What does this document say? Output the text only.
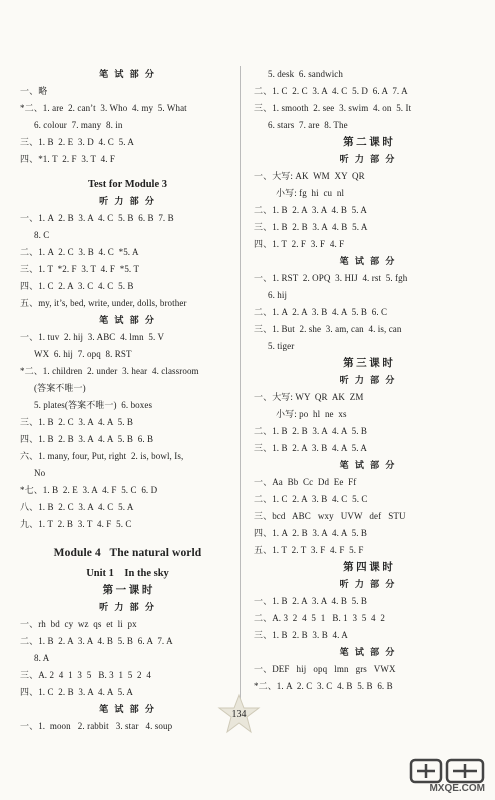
笔 试 部 分
一、略
*二、1. are  2. can’t  3. Who  4. my  5. What
6. colour  7. many  8. in
三、1. B  2. E  3. D  4. C  5. A
四、*1. T  2. F  3. T  4. F
Test for Module 3
听 力 部 分
一、1. A  2. B  3. A  4. C  5. B  6. B  7. B
8. C
二、1. A  2. C  3. B  4. C  *5. A
三、1. T  *2. F  3. T  4. F  *5. T
四、1. C  2. A  3. C  4. C  5. B
五、my, it’s, bed, write, under, dolls, brother
笔 试 部 分
一、1. tuv  2. hij  3. ABC  4. lmn  5. V
WX  6. hij  7. opq  8. RST
*二、1. children  2. under  3. hear  4. classroom
(答案不唯一)
5. plates(答案不唯一)  6. boxes
三、1. B  2. C  3. A  4. A  5. B
四、1. B  2. B  3. A  4. A  5. B  6. B
六、1. many, four, Put, right  2. is, bowl, Is,
No
*七、1. B  2. E  3. A  4. F  5. C  6. D
八、1. B  2. C  3. A  4. C  5. A
九、1. T  2. B  3. T  4. F  5. C
Module 4   The natural world
Unit 1    In the sky
第 一 课 时
听 力 部 分
一、rh  bd  cy  wz  qs  et  li  px
二、1. B  2. A  3. A  4. B  5. B  6. A  7. A
8. A
三、A. 2  4  1  3  5   B. 3  1  5  2  4
四、1. C  2. B  3. A  4. A  5. A
笔 试 部 分
一、1.  moon   2. rabbit   3. star   4. soup
5. desk  6. sandwich
二、1. C  2. C  3. A  4. C  5. D  6. A  7. A
三、1. smooth  2. see  3. swim  4. on  5. It
6. stars  7. are  8. The
第 二 课 时
听 力 部 分
一、大写: AK  WM  XY  QR
小写: fg  hi  cu  nl
二、1. B  2. A  3. A  4. B  5. A
三、1. B  2. B  3. A  4. B  5. A
四、1. T  2. F  3. F  4. F
笔 试 部 分
一、1. RST  2. OPQ  3. HIJ  4. rst  5. fgh
6. hij
二、1. A  2. A  3. B  4. A  5. B  6. C
三、1. But  2. she  3. am, can  4. is, can
5. tiger
第 三 课 时
听 力 部 分
一、大写: WY  QR  AK  ZM
小写: po  hl  ne  xs
二、1. B  2. B  3. A  4. A  5. B
三、1. B  2. A  3. B  4. A  5. A
笔 试 部 分
一、Aa  Bb  Cc  Dd  Ee  Ff
二、1. C  2. A  3. B  4. C  5. C
三、bcd   ABC   wxy   UVW   def   STU
四、1. A  2. B  3. A  4. A  5. B
五、1. T  2. T  3. F  4. F  5. F
第 四 课 时
听 力 部 分
一、1. B  2. A  3. A  4. B  5. B
二、A. 3  2  4  5  1   B. 1  3  5  4  2
三、1. B  2. B  3. B  4. A
笔 试 部 分
一、DEF   hij   opq   lmn   grs   VWX
*二、1. A  2. C  3. C  4. B  5. B  6. B
134
MXQE.COM
